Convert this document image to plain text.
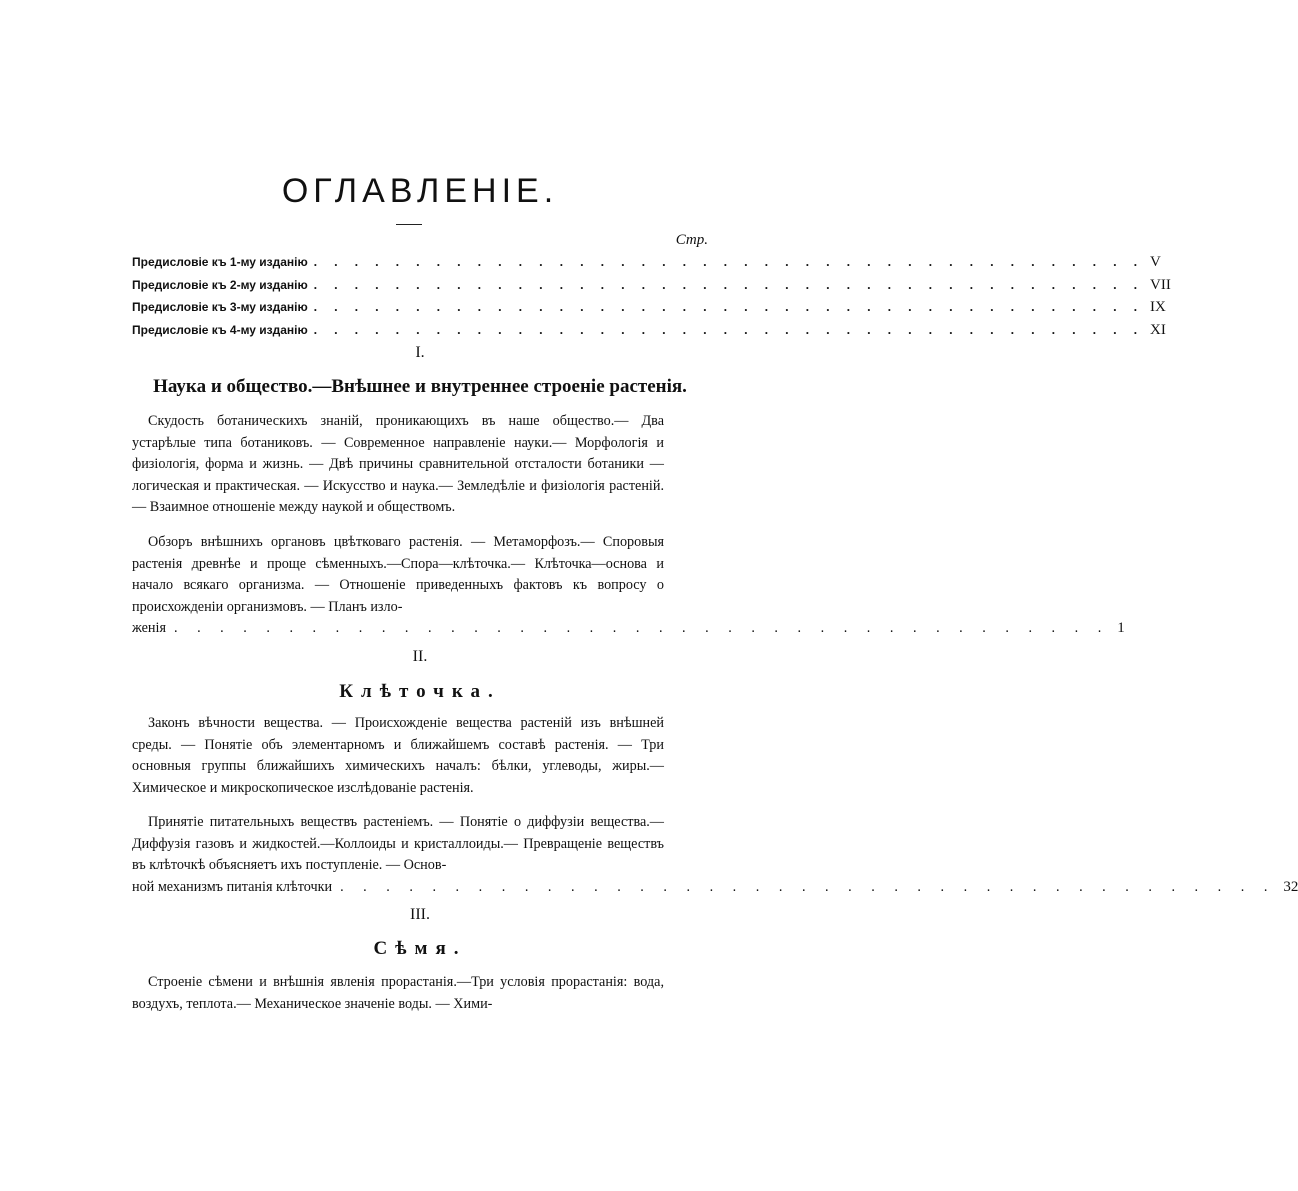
ОГЛАВЛЕНІЕ.
Стр.
Предисловіе къ 1-му изданію . . . . . . . . . . . . . . . . . . . . . . . . . . . . . . . . . . . . . . . . . V
Предисловіе къ 2-му изданію . . . . . . . . . . . . . . . . . . . . . . . . . . . . . . . . . . . . . . . . . VII
Предисловіе къ 3-му изданію . . . . . . . . . . . . . . . . . . . . . . . . . . . . . . . . . . . . . . . . . IX
Предисловіе къ 4-му изданію . . . . . . . . . . . . . . . . . . . . . . . . . . . . . . . . . . . . . . . . . XI
I.
Наука и общество.—Внѣшнее и внутреннее строеніе растенія.
Скудость ботаническихъ знаній, проникающихъ въ наше общество.— Два устарѣлые типа ботаниковъ. — Современное направленіе науки.— Морфологія и физіологія, форма и жизнь. — Двѣ причины сравнительной отсталости ботаники — логическая и практическая. — Искусство и наука.— Земледѣліе и физіологія растеній. — Взаимное отношеніе между наукой и обществомъ.
Обзоръ внѣшнихъ органовъ цвѣтковаго растенія. — Метаморфозъ.— Споровыя растенія древнѣе и проще сѣменныхъ.—Спора—клѣточка.— Клѣточка—основа и начало всякаго организма. — Отношеніе приведенныхъ фактовъ къ вопросу о происхожденіи организмовъ. — Планъ изло-
женія . . . . . . . . . . . . . . . . . . . . . . . . . . . . . . . . . . . . . . . . . 1
II.
Клѣточка.
Законъ вѣчности вещества. — Происхожденіе вещества растеній изъ внѣшней среды. — Понятіе объ элементарномъ и ближайшемъ составѣ растенія. — Три основныя группы ближайшихъ химическихъ началъ: бѣлки, углеводы, жиры.—Химическое и микроскопическое изслѣдованіе растенія.
Принятіе питательныхъ веществъ растеніемъ. — Понятіе о диффузіи вещества.—Диффузія газовъ и жидкостей.—Коллоиды и кристаллоиды.— Превращеніе веществъ въ клѣточкѣ объясняетъ ихъ поступленіе. — Основ-
ной механизмъ питанія клѣточки . . . . . . . . . . . . . . . . . . . . . . . . . . . . . . . . . . . . . . . . . 32
III.
Сѣмя.
Строеніе сѣмени и внѣшнія явленія прорастанія.—Три условія прорастанія: вода, воздухъ, теплота.— Механическое значеніе воды. — Хими-
